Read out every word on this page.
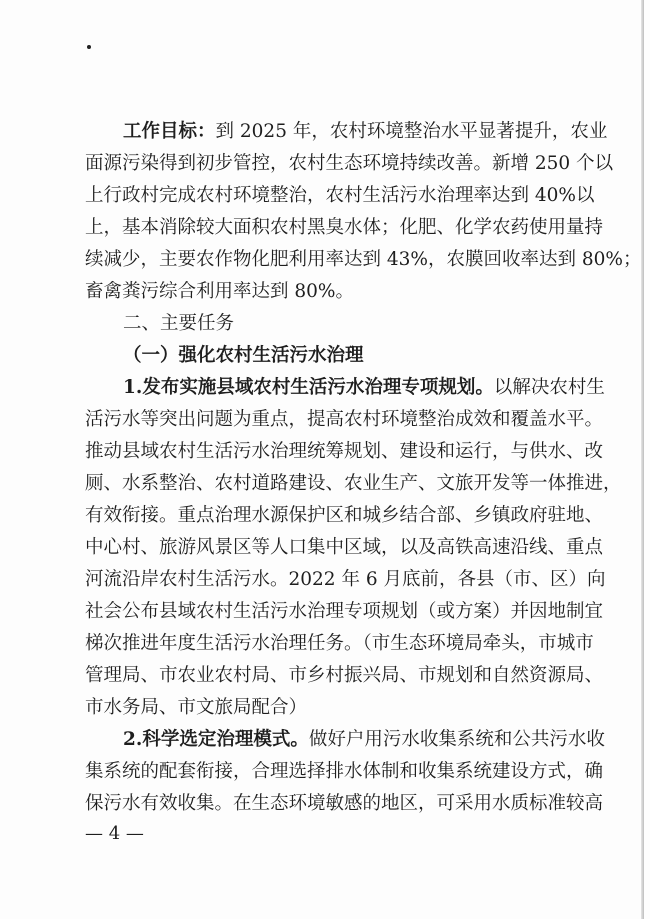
工作目标：到 2025 年，农村环境整治水平显著提升，农业
面源污染得到初步管控，农村生态环境持续改善。新增 250 个以
上行政村完成农村环境整治，农村生活污水治理率达到 40%以
上，基本消除较大面积农村黑臭水体；化肥、化学农药使用量持
续减少，主要农作物化肥利用率达到 43%，农膜回收率达到 80%；
畜禽粪污综合利用率达到 80%。
二、主要任务
（一）强化农村生活污水治理
1.发布实施县域农村生活污水治理专项规划。以解决农村生
活污水等突出问题为重点，提高农村环境整治成效和覆盖水平。
推动县域农村生活污水治理统筹规划、建设和运行，与供水、改
厕、水系整治、农村道路建设、农业生产、文旅开发等一体推进，
有效衔接。重点治理水源保护区和城乡结合部、乡镇政府驻地、
中心村、旅游风景区等人口集中区域，以及高铁高速沿线、重点
河流沿岸农村生活污水。2022 年 6 月底前，各县（市、区）向
社会公布县域农村生活污水治理专项规划（或方案）并因地制宜
梯次推进年度生活污水治理任务。（市生态环境局牵头，市城市
管理局、市农业农村局、市乡村振兴局、市规划和自然资源局、
市水务局、市文旅局配合）
2.科学选定治理模式。做好户用污水收集系统和公共污水收
集系统的配套衔接，合理选择排水体制和收集系统建设方式，确
保污水有效收集。在生态环境敏感的地区，可采用水质标准较高
— 4 —
